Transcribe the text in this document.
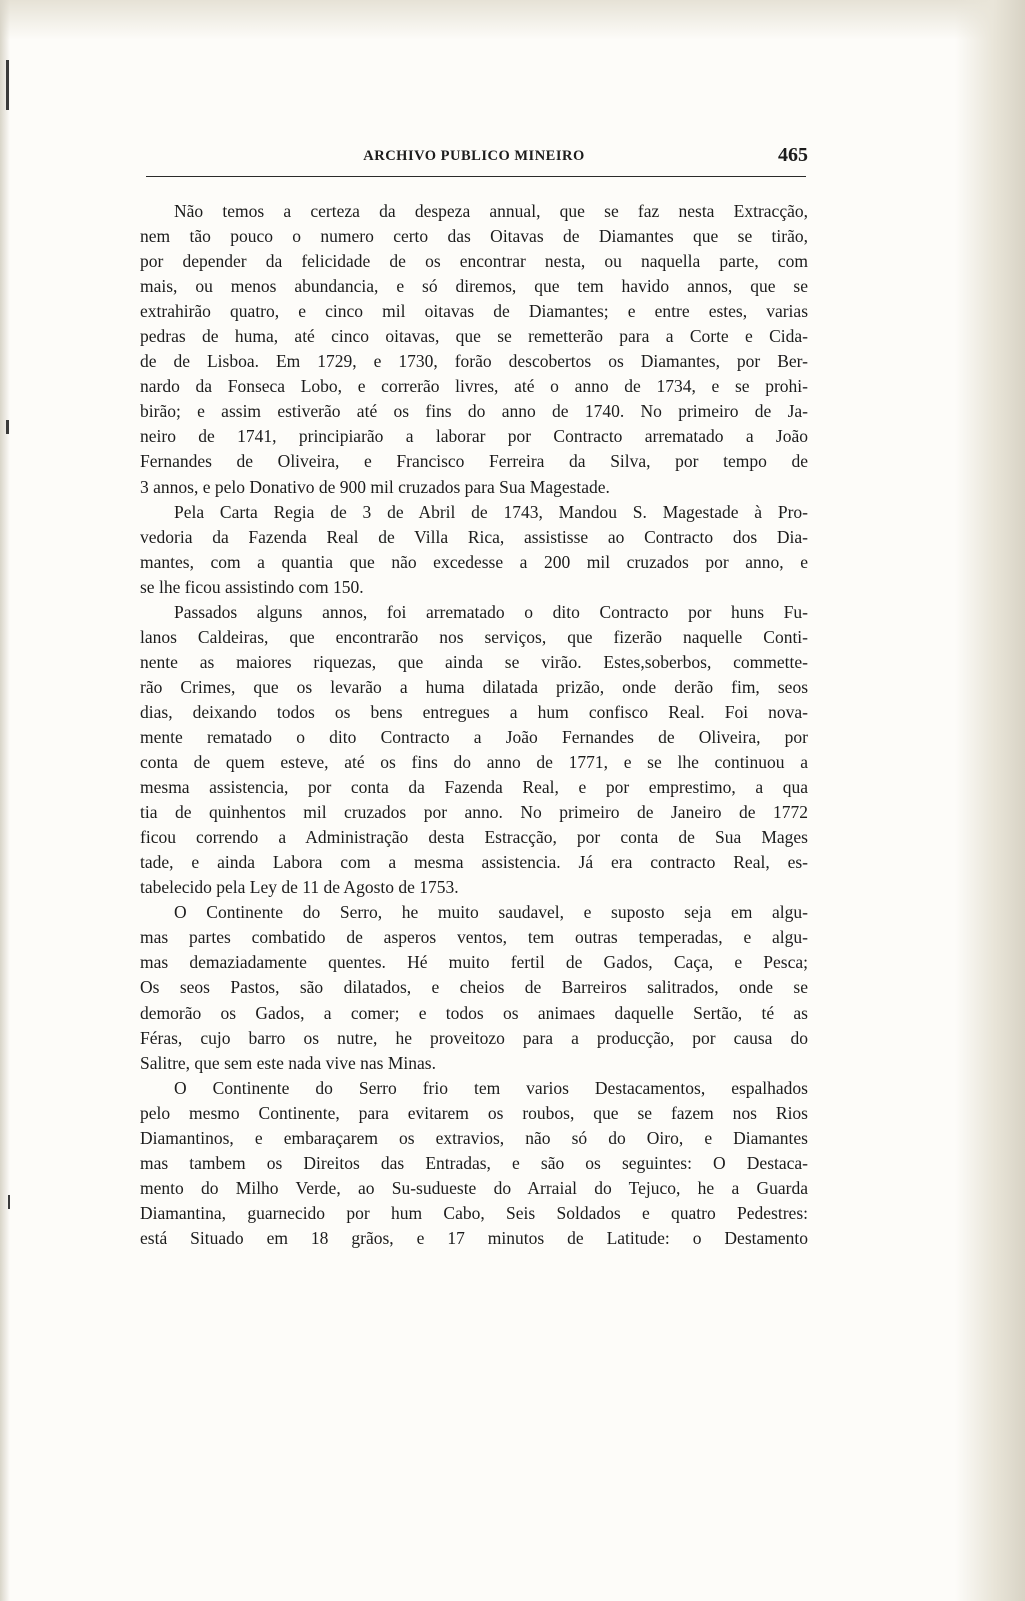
ARCHIVO PUBLICO MINEIRO	465
Não temos a certeza da despeza annual, que se faz nesta Extracção,
nem tão pouco o numero certo das Oitavas de Diamantes que se tirão,
por depender da felicidade de os encontrar nesta, ou naquella parte, com
mais, ou menos abundancia, e só diremos, que tem havido annos, que se
extrahirão quatro, e cinco mil oitavas de Diamantes; e entre estes, varias
pedras de huma, até cinco oitavas, que se remetterão para a Corte e Cida-
de de Lisboa. Em 1729, e 1730, forão descobertos os Diamantes, por Ber-
nardo da Fonseca Lobo, e correrão livres, até o anno de 1734, e se prohi-
birão; e assim estiverão até os fins do anno de 1740. No primeiro de Ja-
neiro de 1741, principiarão a laborar por Contracto arrematado a João
Fernandes de Oliveira, e Francisco Ferreira da Silva, por tempo de
3 annos, e pelo Donativo de 900 mil cruzados para Sua Magestade.
Pela Carta Regia de 3 de Abril de 1743, Mandou S. Magestade à Pro-
vedoria da Fazenda Real de Villa Rica, assistisse ao Contracto dos Dia-
mantes, com a quantia que não excedesse a 200 mil cruzados por anno, e
se lhe ficou assistindo com 150.
Passados alguns annos, foi arrematado o dito Contracto por huns Fu-
lanos Caldeiras, que encontrarão nos serviços, que fizerão naquelle Conti-
nente as maiores riquezas, que ainda se virão. Estes,soberbos, commette-
rão Crimes, que os levarão a huma dilatada prizão, onde derão fim, seos
dias, deixando todos os bens entregues a hum confisco Real. Foi nova-
mente rematado o dito Contracto a João Fernandes de Oliveira, por
conta de quem esteve, até os fins do anno de 1771, e se lhe continuou a
mesma assistencia, por conta da Fazenda Real, e por emprestimo, a qua
tia de quinhentos mil cruzados por anno. No primeiro de Janeiro de 1772
ficou correndo a Administração desta Estracção, por conta de Sua Mages
tade, e ainda Labora com a mesma assistencia. Já era contracto Real, es-
tabelecido pela Ley de 11 de Agosto de 1753.
O Continente do Serro, he muito saudavel, e suposto seja em algu-
mas partes combatido de asperos ventos, tem outras temperadas, e algu-
mas demaziadamente quentes. Hé muito fertil de Gados, Caça, e Pesca;
Os seos Pastos, são dilatados, e cheios de Barreiros salitrados, onde se
demorão os Gados, a comer; e todos os animaes daquelle Sertão, té as
Féras, cujo barro os nutre, he proveitozo para a producção, por causa do
Salitre, que sem este nada vive nas Minas.
O Continente do Serro frio tem varios Destacamentos, espalhados
pelo mesmo Continente, para evitarem os roubos, que se fazem nos Rios
Diamantinos, e embaraçarem os extravios, não só do Oiro, e Diamantes
mas tambem os Direitos das Entradas, e são os seguintes: O Destaca-
mento do Milho Verde, ao Su-sudueste do Arraial do Tejuco, he a Guarda
Diamantina, guarnecido por hum Cabo, Seis Soldados e quatro Pedestres:
está Situado em 18 grãos, e 17 minutos de Latitude: o Destamento
